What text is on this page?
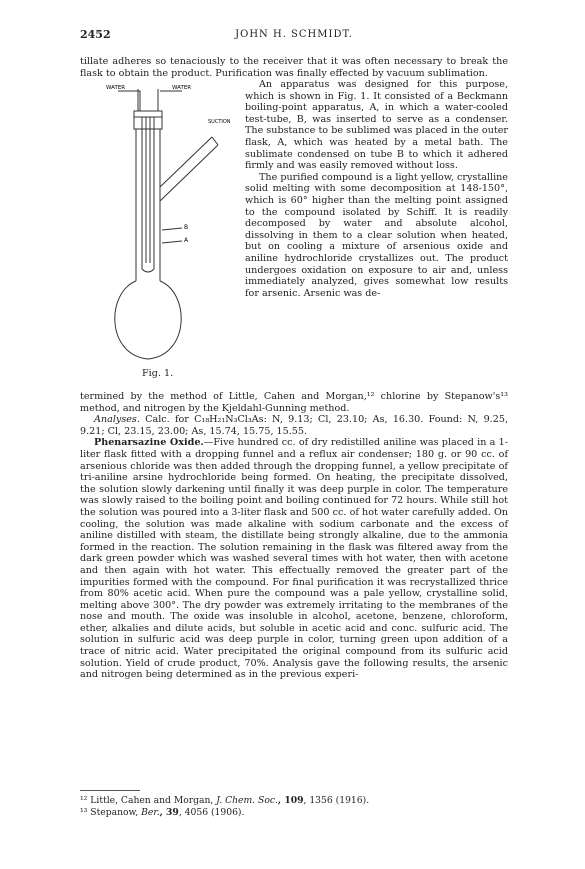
2452	JOHN H. SCHMIDT.

tillate adheres so tenaciously to the receiver that it was often necessary to break the flask to obtain the product. Purification was finally effected by vacuum sublimation.

WATER	WATER
SUCTION
B
A
Fig. 1.

An apparatus was designed for this purpose, which is shown in Fig. 1. It consisted of a Beckmann boiling-point apparatus, A, in which a water-cooled test-tube, B, was inserted to serve as a condenser. The substance to be sublimed was placed in the outer flask, A, which was heated by a metal bath. The sublimate condensed on tube B to which it adhered firmly and was easily removed without loss.

The purified compound is a light yellow, crystalline solid melting with some decomposition at 148-150°, which is 60° higher than the melting point assigned to the compound isolated by Schiff. It is readily decomposed by water and absolute alcohol, dissolving in them to a clear solution when heated, but on cooling a mixture of arsenious oxide and aniline hydrochloride crystallizes out. The product undergoes oxidation on exposure to air and, unless immediately analyzed, gives somewhat low results for arsenic. Arsenic was de-

termined by the method of Little, Cahen and Morgan,¹² chlorine by Stepanow's¹³ method, and nitrogen by the Kjeldahl-Gunning method.

Analyses. Calc. for C₁₈H₂₁N₃Cl₃As: N, 9.13; Cl, 23.10; As, 16.30. Found: N, 9.25, 9.21; Cl, 23.15, 23.00; As, 15.74, 15.75, 15.55.

Phenarsazine Oxide.—Five hundred cc. of dry redistilled aniline was placed in a 1-liter flask fitted with a dropping funnel and a reflux air condenser; 180 g. or 90 cc. of arsenious chloride was then added through the dropping funnel, a yellow precipitate of tri-aniline arsine hydrochloride being formed. On heating, the precipitate dissolved, the solution slowly darkening until finally it was deep purple in color. The temperature was slowly raised to the boiling point and boiling continued for 72 hours. While still hot the solution was poured into a 3-liter flask and 500 cc. of hot water carefully added. On cooling, the solution was made alkaline with sodium carbonate and the excess of aniline distilled with steam, the distillate being strongly alkaline, due to the ammonia formed in the reaction. The solution remaining in the flask was filtered away from the dark green powder which was washed several times with hot water, then with acetone and then again with hot water. This effectually removed the greater part of the impurities formed with the compound. For final purification it was recrystallized thrice from 80% acetic acid. When pure the compound was a pale yellow, crystalline solid, melting above 300°. The dry powder was extremely irritating to the membranes of the nose and mouth. The oxide was insoluble in alcohol, acetone, benzene, chloroform, ether, alkalies and dilute acids, but soluble in acetic acid and conc. sulfuric acid. The solution in sulfuric acid was deep purple in color, turning green upon addition of a trace of nitric acid. Water precipitated the original compound from its sulfuric acid solution. Yield of crude product, 70%. Analysis gave the following results, the arsenic and nitrogen being determined as in the previous experi-

¹² Little, Cahen and Morgan, J. Chem. Soc., 109, 1356 (1916).
¹³ Stepanow, Ber., 39, 4056 (1906).
